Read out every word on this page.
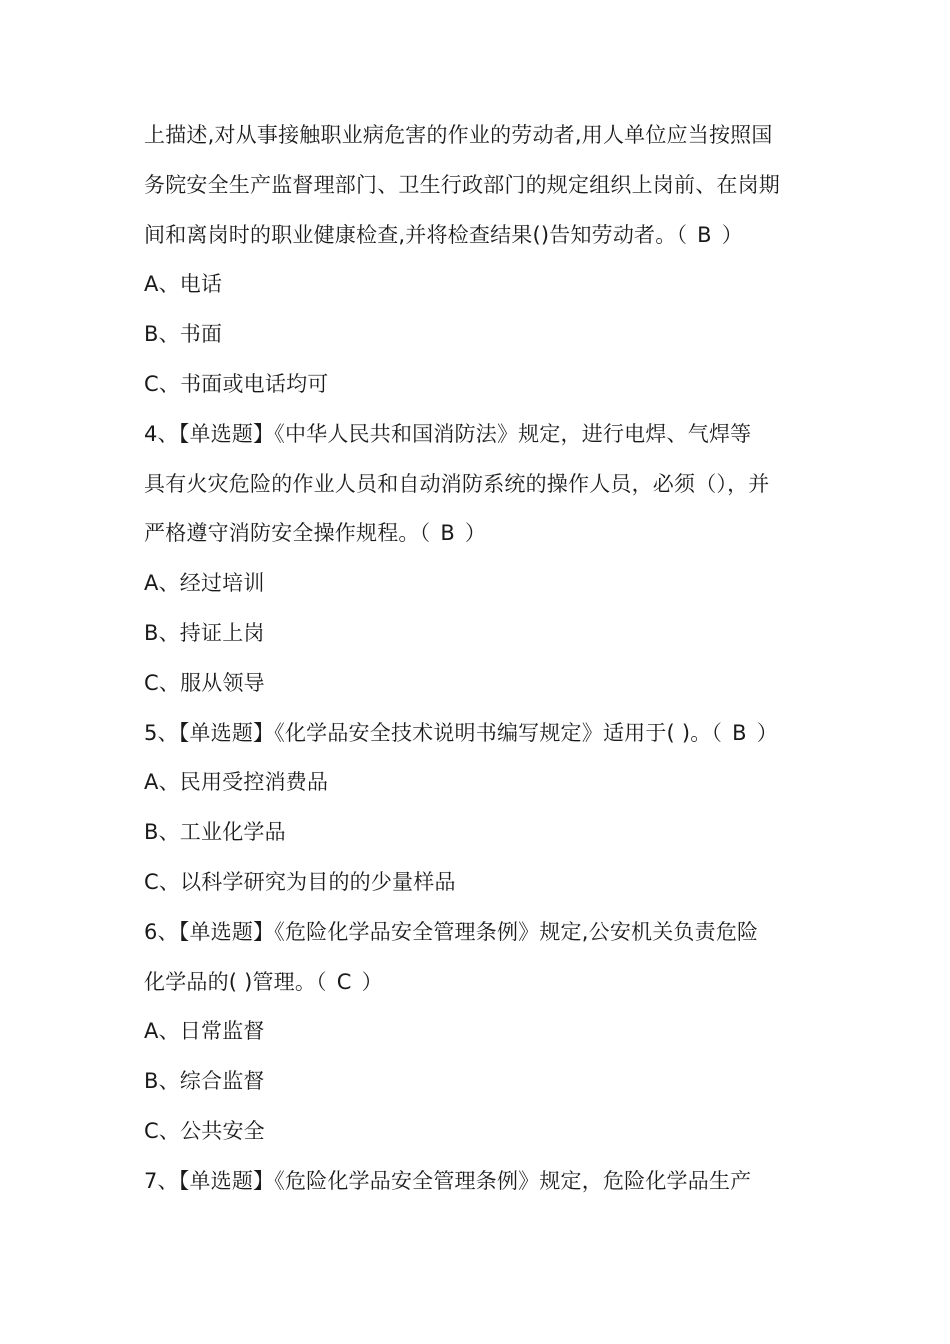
上描述,对从事接触职业病危害的作业的劳动者,用人单位应当按照国
务院安全生产监督理部门、卫生行政部门的规定组织上岗前、在岗期
间和离岗时的职业健康检查,并将检查结果()告知劳动者。（ B ）
A、电话
B、书面
C、书面或电话均可
4、【单选题】《中华人民共和国消防法》规定，进行电焊、气焊等
具有火灾危险的作业人员和自动消防系统的操作人员，必须（），并
严格遵守消防安全操作规程。（ B ）
A、经过培训
B、持证上岗
C、服从领导
5、【单选题】《化学品安全技术说明书编写规定》适用于( )。（ B ）
A、民用受控消费品
B、工业化学品
C、以科学研究为目的的少量样品
6、【单选题】《危险化学品安全管理条例》规定,公安机关负责危险
化学品的( )管理。（ C ）
A、日常监督
B、综合监督
C、公共安全
7、【单选题】《危险化学品安全管理条例》规定，危险化学品生产
